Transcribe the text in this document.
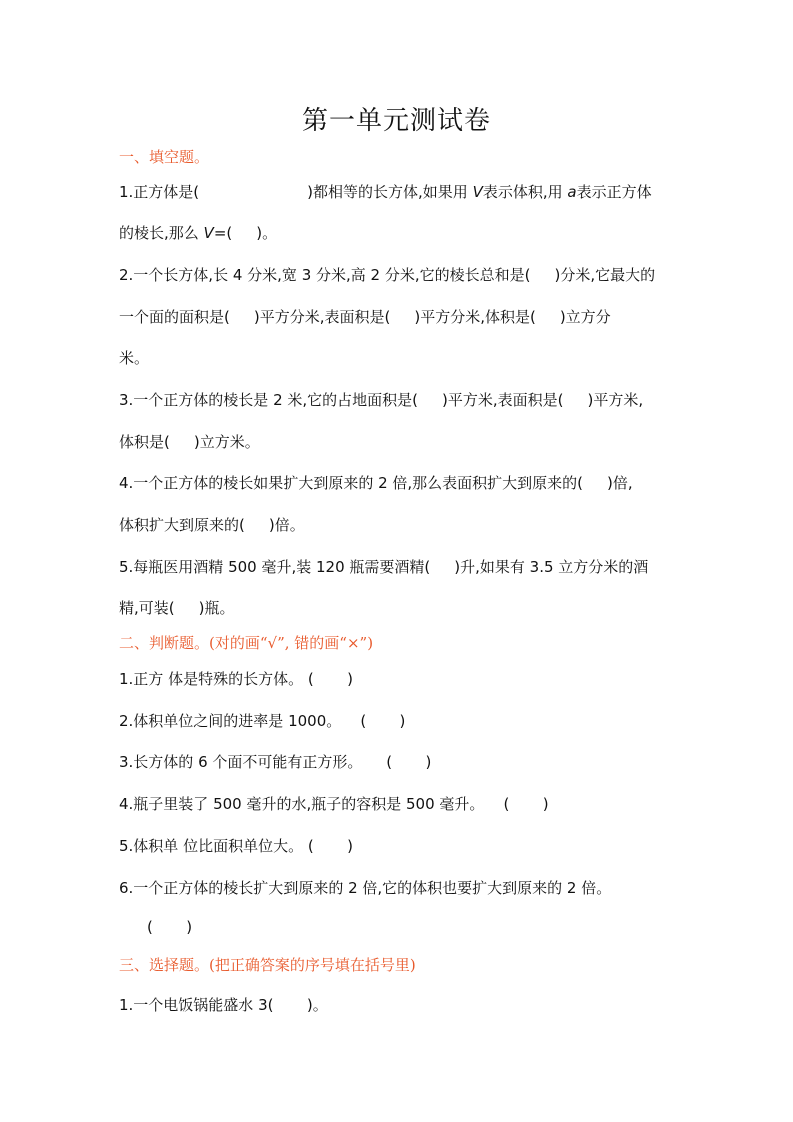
第一单元测试卷
一、填空题。
1.正方体是(	)都相等的长方体,如果用 V表示体积,用 a表示正方体
的棱长,那么 V=( )。
2.一个长方体,长 4 分米,宽 3 分米,高 2 分米,它的棱长总和是( )分米,它最大的
一个面的面积是( )平方分米,表面积是( )平方分米,体积是( )立方分
米。
3.一个正方体的棱长是 2 米,它的占地面积是( )平方米,表面积是( )平方米,
体积是( )立方米。
4.一个正方体的棱长如果扩大到原来的 2 倍,那么表面积扩大到原来的( )倍,
体积扩大到原来的( )倍。
5.每瓶医用酒精 500 毫升,装 120 瓶需要酒精( )升,如果有 3.5 立方分米的酒
精,可装( )瓶。
二、判断题。(对的画“√”, 错的画“×”)
1.正方 体是特殊的长方体。 (       )
2.体积单位之间的进率是 1000。    (       )
3.长方体的 6 个面不可能有正方形。     (       )
4.瓶子里装了 500 毫升的水,瓶子的容积是 500 毫升。    (       )
5.体积单 位比面积单位大。 (       )
6.一个正方体的棱长扩大到原来的 2 倍,它的体积也要扩大到原来的 2 倍。
(       )
三、选择题。(把正确答案的序号填在括号里)
1.一个电饭锅能盛水 3(       )。
